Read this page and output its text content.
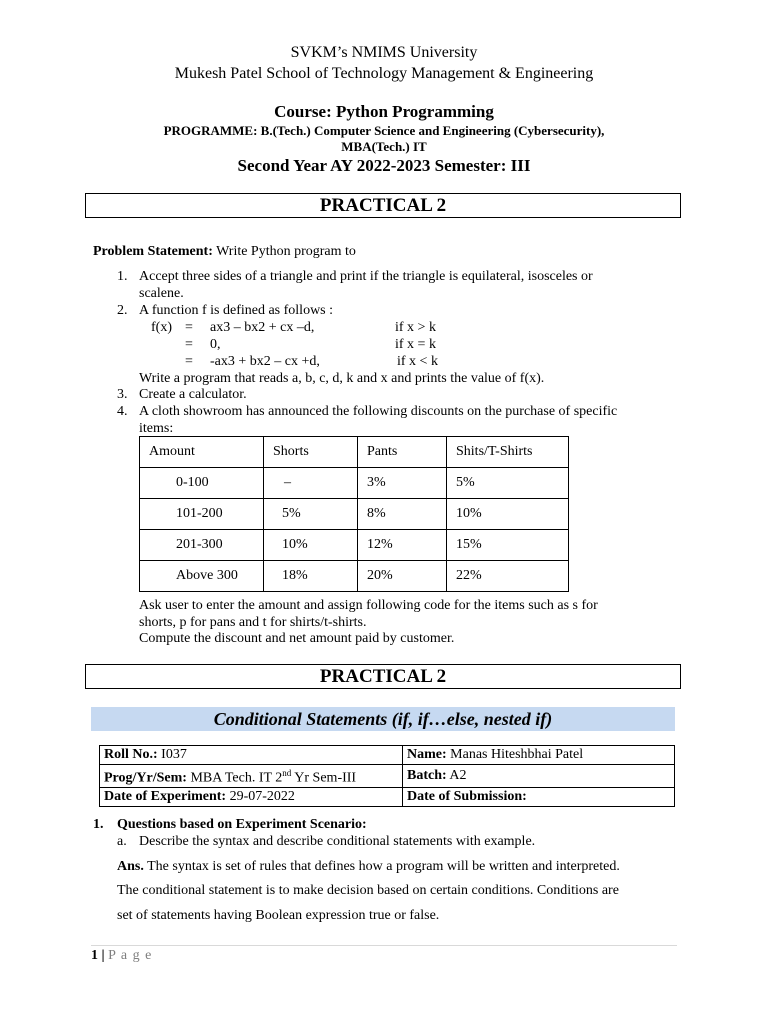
SVKM’s NMIMS University
Mukesh Patel School of Technology Management & Engineering
Course: Python Programming
PROGRAMME: B.(Tech.) Computer Science and Engineering (Cybersecurity),
MBA(Tech.) IT
Second Year AY 2022-2023 Semester: III
PRACTICAL 2
Problem Statement: Write Python program to
1. Accept three sides of a triangle and print if the triangle is equilateral, isosceles or
scalene.
2. A function f is defined as follows :
f(x) = ax3 – bx2 + cx –d,	if x > k
= 0,	if x = k
= -ax3 + bx2 – cx +d,	if x < k
Write a program that reads a, b, c, d, k and x and prints the value of f(x).
3. Create a calculator.
4. A cloth showroom has announced the following discounts on the purchase of specific
items:
Amount	Shorts	Pants	Shits/T-Shirts
0-100	–	3%	5%
101-200	5%	8%	10%
201-300	10%	12%	15%
Above 300	18%	20%	22%
Ask user to enter the amount and assign following code for the items such as s for
shorts, p for pans and t for shirts/t-shirts.
Compute the discount and net amount paid by customer.
PRACTICAL 2
Conditional Statements (if, if…else, nested if)
Roll No.: I037	Name: Manas Hiteshbhai Patel
Prog/Yr/Sem: MBA Tech. IT 2nd Yr Sem-III	Batch: A2
Date of Experiment: 29-07-2022	Date of Submission:
1. Questions based on Experiment Scenario:
a. Describe the syntax and describe conditional statements with example.
Ans. The syntax is set of rules that defines how a program will be written and interpreted.
The conditional statement is to make decision based on certain conditions. Conditions are
set of statements having Boolean expression true or false.
1 | P a g e
